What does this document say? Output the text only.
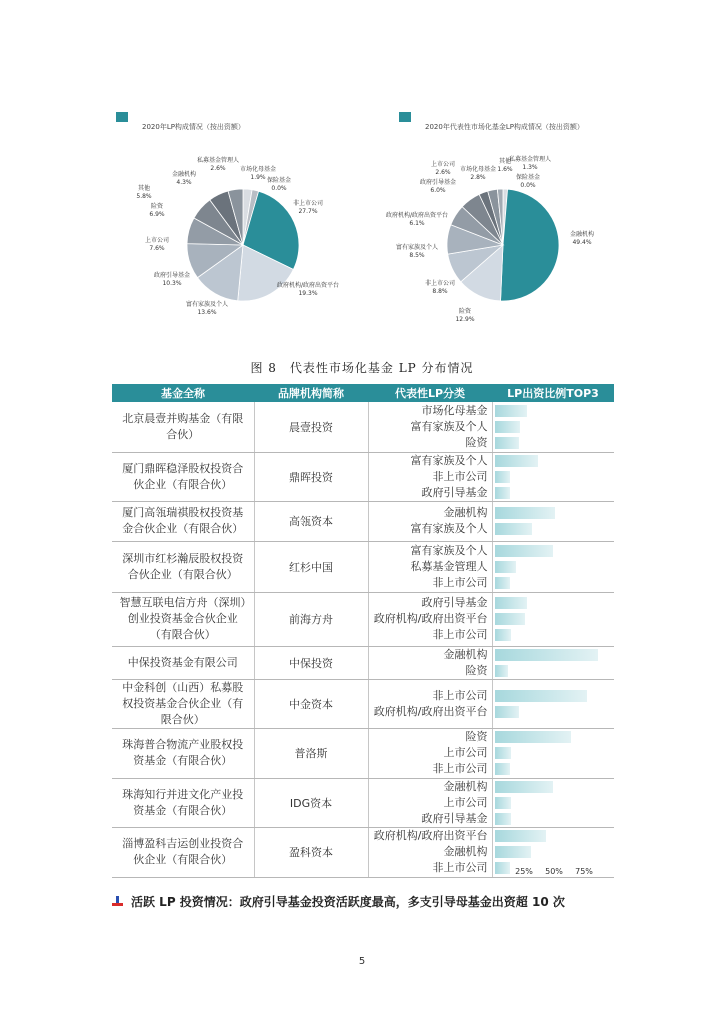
2020年LP构成情况（按出资额）
私募基金管理人
2.6% 市场化母基金
1.9% 保险基金
0.0%
非上市公司
27.7%
政府机构/政府出资平台
19.3%
富有家族及个人
13.6%
政府引导基金
10.3%
上市公司
7.6%
险资
6.9%
其他
5.8%
金融机构
4.3%
2020年代表性市场化基金LP构成情况（按出资额）
私募基金管理人
1.3%
保险基金
0.0%
金融机构
49.4%
险资
12.9%
非上市公司
8.8%
富有家族及个人
8.5%
政府机构/政府出资平台
6.1%
政府引导基金
6.0%
上市公司
2.6% 市场化母基金
2.8%
其他
1.6%
图 8　代表性市场化基金 LP 分布情况
基金全称	品牌机构简称	代表性LP分类	LP出资比例TOP3
北京晨壹并购基金（有限合伙）	晨壹投资	市场化母基金
富有家族及个人
险资	

厦门鼎晖稳泽股权投资合伙企业（有限合伙）	鼎晖投资	富有家族及个人
非上市公司
政府引导基金	

厦门高瓴瑞祺股权投资基金合伙企业（有限合伙）	高瓴资本	金融机构
富有家族及个人	

深圳市红杉瀚辰股权投资合伙企业（有限合伙）	红杉中国	富有家族及个人
私募基金管理人
非上市公司	

智慧互联电信方舟（深圳）创业投资基金合伙企业（有限合伙）	前海方舟	政府引导基金
政府机构/政府出资平台
非上市公司	

中保投资基金有限公司	中保投资	金融机构
险资	

中金科创（山西）私募股权投资基金合伙企业（有限合伙）	中金资本	非上市公司
政府机构/政府出资平台	

珠海普合物流产业股权投资基金（有限合伙）	普洛斯	险资
上市公司
非上市公司	

珠海知行并进文化产业投资基金（有限合伙）	IDG资本	金融机构
上市公司
政府引导基金	

淄博盈科吉运创业投资合伙企业（有限合伙）	盈科资本	政府机构/政府出资平台
金融机构
非上市公司	
		25% 50% 75%
活跃 LP 投资情况：政府引导基金投资活跃度最高，多支引导母基金出资超 10 次
5
